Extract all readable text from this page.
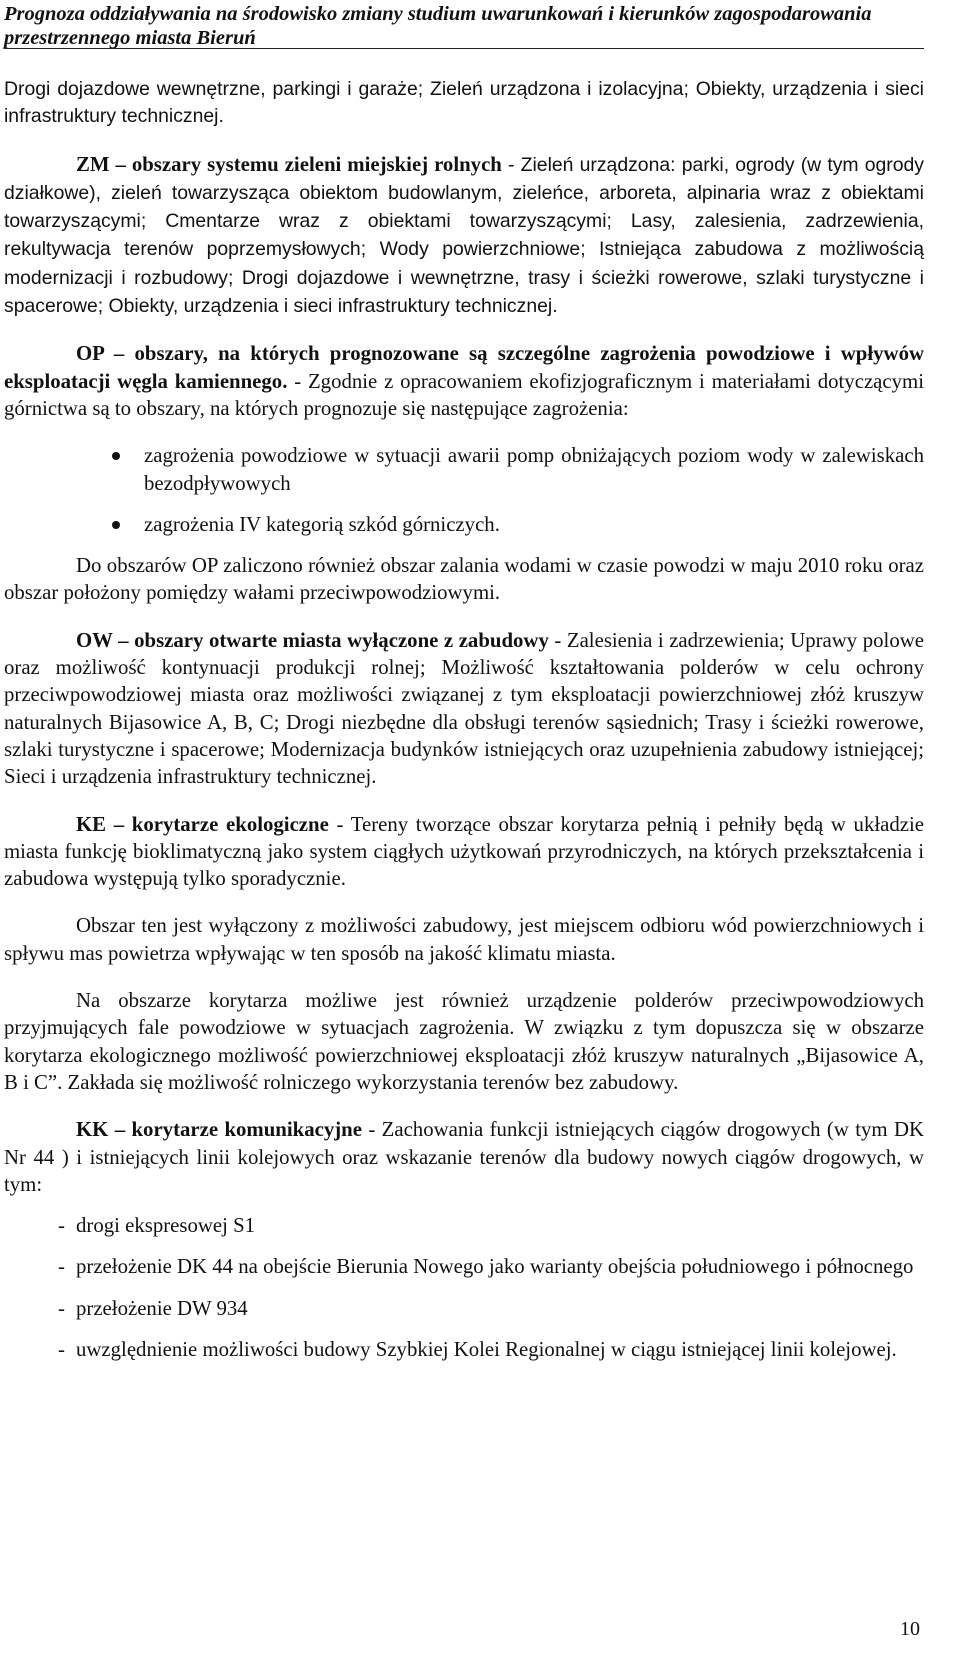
Prognoza oddziaływania na środowisko zmiany studium uwarunkowań i kierunków zagospodarowania
przestrzennego miasta Bieruń

Drogi dojazdowe wewnętrzne, parkingi i garaże; Zieleń urządzona i izolacyjna; Obiekty, urządzenia i sieci infrastruktury technicznej.

ZM – obszary systemu zieleni miejskiej rolnych - Zieleń urządzona: parki, ogrody (w tym ogrody działkowe), zieleń towarzysząca obiektom budowlanym, zieleńce, arboreta, alpinaria wraz z obiektami towarzyszącymi; Cmentarze wraz z obiektami towarzyszącymi; Lasy, zalesienia, zadrzewienia, rekultywacja terenów poprzemysłowych; Wody powierzchniowe; Istniejąca zabudowa z możliwością modernizacji i rozbudowy; Drogi dojazdowe i wewnętrzne, trasy i ścieżki rowerowe, szlaki turystyczne i spacerowe; Obiekty, urządzenia i sieci infrastruktury technicznej.

OP – obszary, na których prognozowane są szczególne zagrożenia powodziowe i wpływów eksploatacji węgla kamiennego. - Zgodnie z opracowaniem ekofizjograficznym i materiałami dotyczącymi górnictwa są to obszary, na których prognozuje się następujące zagrożenia:

zagrożenia powodziowe w sytuacji awarii pomp obniżających poziom wody w zalewiskach bezodpływowych
zagrożenia IV kategorią szkód górniczych.

Do obszarów OP zaliczono również obszar zalania wodami w czasie powodzi w maju 2010 roku oraz obszar położony pomiędzy wałami przeciwpowodziowymi.

OW – obszary otwarte miasta wyłączone z zabudowy - Zalesienia i zadrzewienia; Uprawy polowe oraz możliwość kontynuacji produkcji rolnej; Możliwość kształtowania polderów w celu ochrony przeciwpowodziowej miasta oraz możliwości związanej z tym eksploatacji powierzchniowej złóż kruszyw naturalnych Bijasowice A, B, C; Drogi niezbędne dla obsługi terenów sąsiednich; Trasy i ścieżki rowerowe, szlaki turystyczne i spacerowe; Modernizacja budynków istniejących oraz uzupełnienia zabudowy istniejącej; Sieci i urządzenia infrastruktury technicznej.

KE – korytarze ekologiczne - Tereny tworzące obszar korytarza pełnią i pełniły będą w układzie miasta funkcję bioklimatyczną jako system ciągłych użytkowań przyrodniczych, na których przekształcenia i zabudowa występują tylko sporadycznie.

Obszar ten jest wyłączony z możliwości zabudowy, jest miejscem odbioru wód powierzchniowych i spływu mas powietrza wpływając w ten sposób na jakość klimatu miasta.

Na obszarze korytarza możliwe jest również urządzenie polderów przeciwpowodziowych przyjmujących fale powodziowe w sytuacjach zagrożenia. W związku z tym dopuszcza się w obszarze korytarza ekologicznego możliwość powierzchniowej eksploatacji złóż kruszyw naturalnych „Bijasowice A, B i C”. Zakłada się możliwość rolniczego wykorzystania terenów bez zabudowy.

KK – korytarze komunikacyjne - Zachowania funkcji istniejących ciągów drogowych (w tym DK Nr 44 ) i istniejących linii kolejowych oraz wskazanie terenów dla budowy nowych ciągów drogowych, w tym:

- drogi ekspresowej S1
- przełożenie DK 44 na obejście Bierunia Nowego jako warianty obejścia południowego i północnego
- przełożenie DW 934
- uwzględnienie możliwości budowy Szybkiej Kolei Regionalnej w ciągu istniejącej linii kolejowej.
10
